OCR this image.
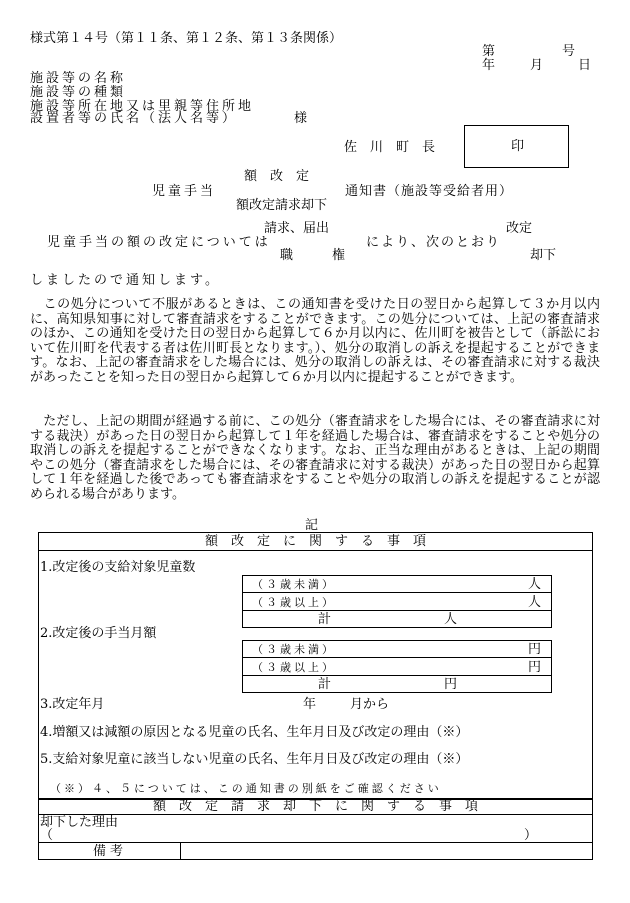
様式第１４号（第１１条、第１２条、第１３条関係）
第　　　　号
年　　月　　日
施設等の名称
施設等の種類
施設等所在地又は里親等住所地
設置者等の氏名（法人名等）	様
佐　川　町　長	印
額　改　定
児童手当	通知書（施設等受給者用）
額改定請求却下
請求、届出	改定
児童手当の額の改定については	により、次のとおり
職　　　権	却下
しましたので通知します。
　この処分について不服があるときは、この通知書を受けた日の翌日から起算して３か月以内に、高知県知事に対して審査請求をすることができます。この処分については、上記の審査請求のほか、この通知を受けた日の翌日から起算して６か月以内に、佐川町を被告として（訴訟において佐川町を代表する者は佐川町長となります。）、処分の取消しの訴えを提起することができます。なお、上記の審査請求をした場合には、処分の取消しの訴えは、その審査請求に対する裁決があったことを知った日の翌日から起算して６か月以内に提起することができます。
　ただし、上記の期間が経過する前に、この処分（審査請求をした場合には、その審査請求に対する裁決）があった日の翌日から起算して１年を経過した場合は、審査請求をすることや処分の取消しの訴えを提起することができなくなります。なお、正当な理由があるときは、上記の期間やこの処分（審査請求をした場合には、その審査請求に対する裁決）があった日の翌日から起算して１年を経過した後であっても審査請求をすることや処分の取消しの訴えを提起することが認められる場合があります。
記
額　改　定　に　関　す　る　事　項
1.改定後の支給対象児童数
（３歳未満）	人
（３歳以上）	人
計	人
2.改定後の手当月額
（３歳未満）	円
（３歳以上）	円
計	円
3.改定年月	年	月から
4.増額又は減額の原因となる児童の氏名、生年月日及び改定の理由（※）
5.支給対象児童に該当しない児童の氏名、生年月日及び改定の理由（※）
（※）４、５については、この通知書の別紙をご確認ください
額　改　定　請　求　却　下　に　関　す　る　事　項
却下した理由
（	）
備考
